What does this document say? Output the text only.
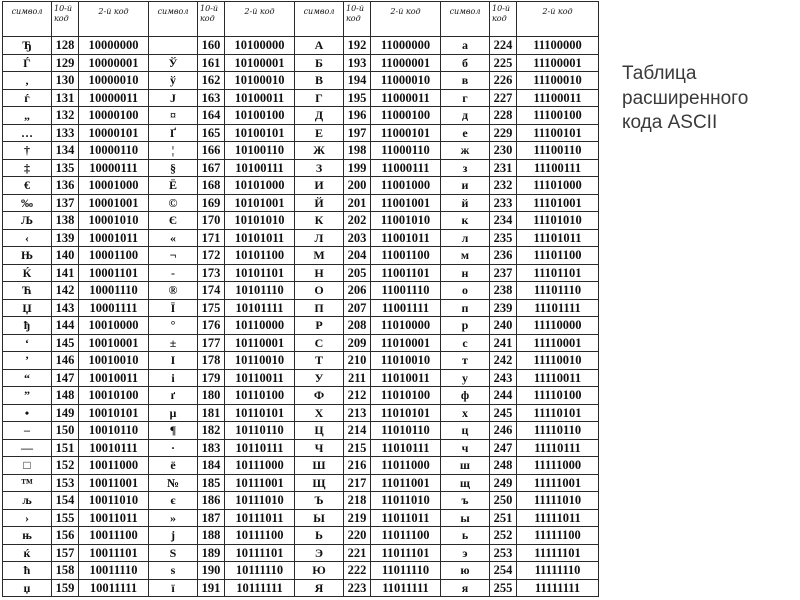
символ	10-й код	2-й код	символ	10-й код	2-й код	символ	10-й код	2-й код	символ	10-й код	2-й код
Ђ	128	10000000		160	10100000	А	192	11000000	а	224	11100000
Ѓ	129	10000001	Ў	161	10100001	Б	193	11000001	б	225	11100001
‚	130	10000010	ў	162	10100010	В	194	11000010	в	226	11100010
ѓ	131	10000011	Ј	163	10100011	Г	195	11000011	г	227	11100011
„	132	10000100	¤	164	10100100	Д	196	11000100	д	228	11100100
…	133	10000101	Ґ	165	10100101	Е	197	11000101	е	229	11100101
†	134	10000110	¦	166	10100110	Ж	198	11000110	ж	230	11100110
‡	135	10000111	§	167	10100111	З	199	11000111	з	231	11100111
€	136	10001000	Ё	168	10101000	И	200	11001000	и	232	11101000
‰	137	10001001	©	169	10101001	Й	201	11001001	й	233	11101001
Љ	138	10001010	Є	170	10101010	К	202	11001010	к	234	11101010
‹	139	10001011	«	171	10101011	Л	203	11001011	л	235	11101011
Њ	140	10001100	¬	172	10101100	М	204	11001100	м	236	11101100
Ќ	141	10001101	-	173	10101101	Н	205	11001101	н	237	11101101
Ћ	142	10001110	®	174	10101110	О	206	11001110	о	238	11101110
Џ	143	10001111	Ї	175	10101111	П	207	11001111	п	239	11101111
ђ	144	10010000	°	176	10110000	Р	208	11010000	р	240	11110000
‘	145	10010001	±	177	10110001	С	209	11010001	с	241	11110001
’	146	10010010	І	178	10110010	Т	210	11010010	т	242	11110010
“	147	10010011	і	179	10110011	У	211	11010011	у	243	11110011
”	148	10010100	ґ	180	10110100	Ф	212	11010100	ф	244	11110100
•	149	10010101	µ	181	10110101	Х	213	11010101	х	245	11110101
–	150	10010110	¶	182	10110110	Ц	214	11010110	ц	246	11110110
—	151	10010111	·	183	10110111	Ч	215	11010111	ч	247	11110111
□	152	10011000	ё	184	10111000	Ш	216	11011000	ш	248	11111000
™	153	10011001	№	185	10111001	Щ	217	11011001	щ	249	11111001
љ	154	10011010	є	186	10111010	Ъ	218	11011010	ъ	250	11111010
›	155	10011011	»	187	10111011	Ы	219	11011011	ы	251	11111011
њ	156	10011100	ј	188	10111100	Ь	220	11011100	ь	252	11111100
ќ	157	10011101	Ѕ	189	10111101	Э	221	11011101	э	253	11111101
ћ	158	10011110	ѕ	190	10111110	Ю	222	11011110	ю	254	11111110
џ	159	10011111	ї	191	10111111	Я	223	11011111	я	255	11111111
Таблица
расширенного
кода ASCII
